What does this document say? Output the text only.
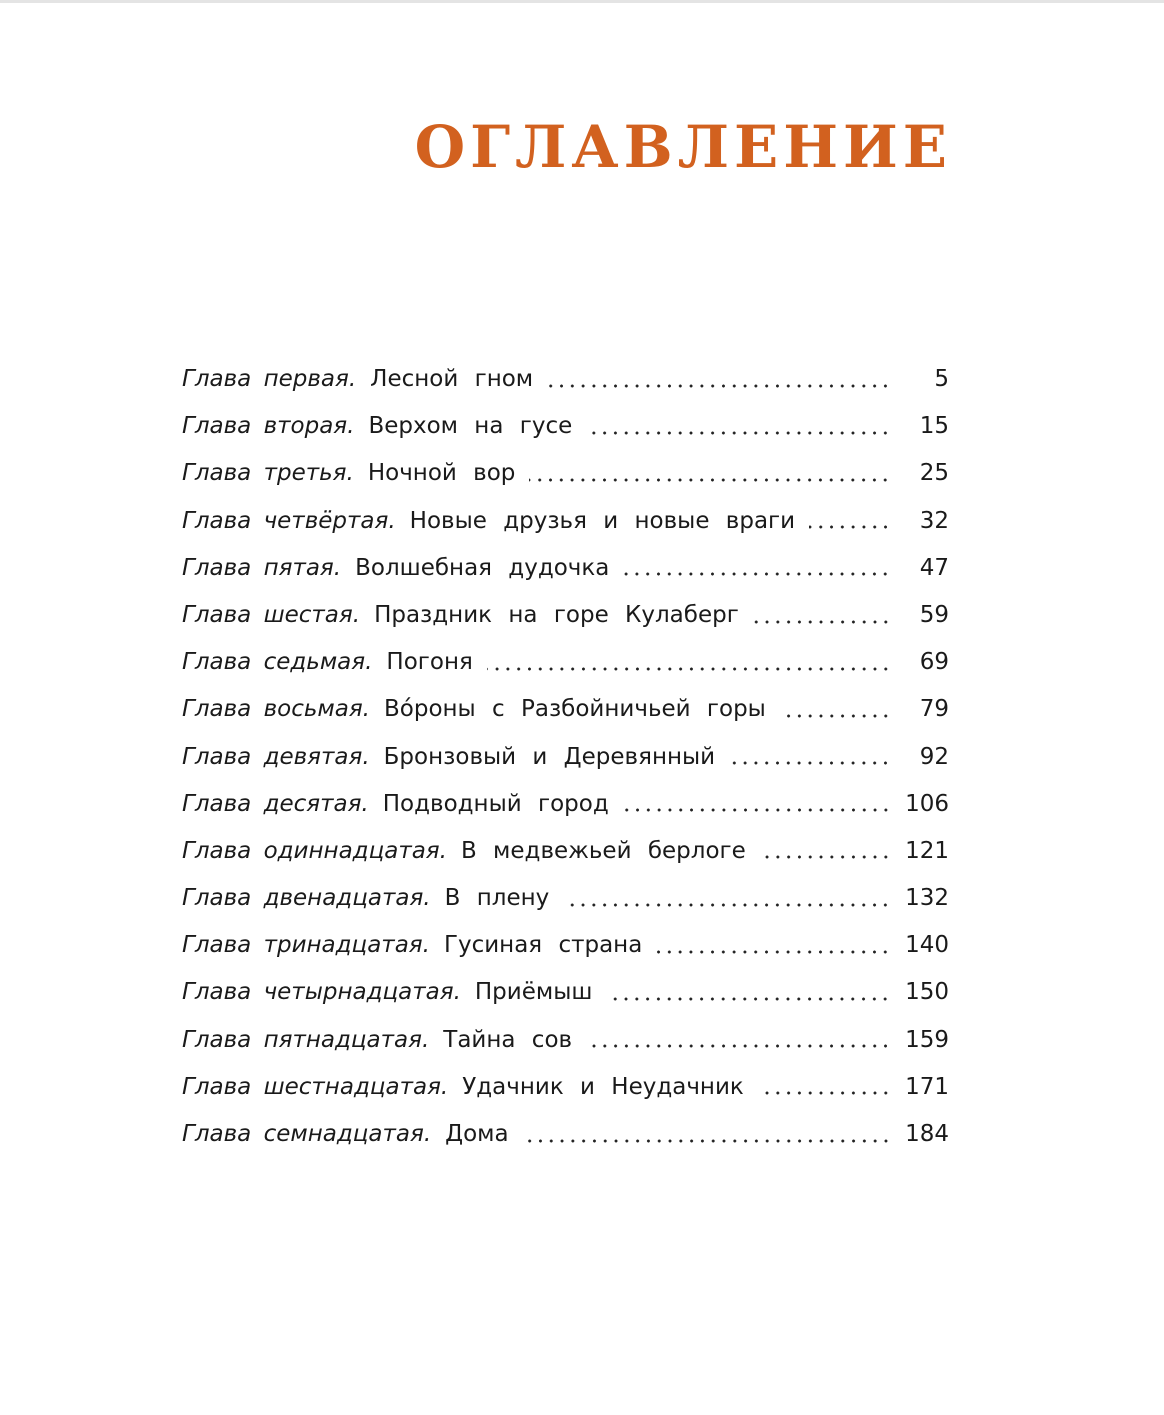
ОГЛАВЛЕНИЕ
Глава первая. Лесной гном	5
Глава вторая. Верхом на гусе	15
Глава третья. Ночной вор	25
Глава четвёртая. Новые друзья и новые враги	32
Глава пятая. Волшебная дудочка	47
Глава шестая. Праздник на горе Кулаберг	59
Глава седьмая. Погоня	69
Глава восьмая. Вóроны с Разбойничьей горы	79
Глава девятая. Бронзовый и Деревянный	92
Глава десятая. Подводный город	106
Глава одиннадцатая. В медвежьей берлоге	121
Глава двенадцатая. В плену	132
Глава тринадцатая. Гусиная страна	140
Глава четырнадцатая. Приёмыш	150
Глава пятнадцатая. Тайна сов	159
Глава шестнадцатая. Удачник и Неудачник	171
Глава семнадцатая. Дома	184
